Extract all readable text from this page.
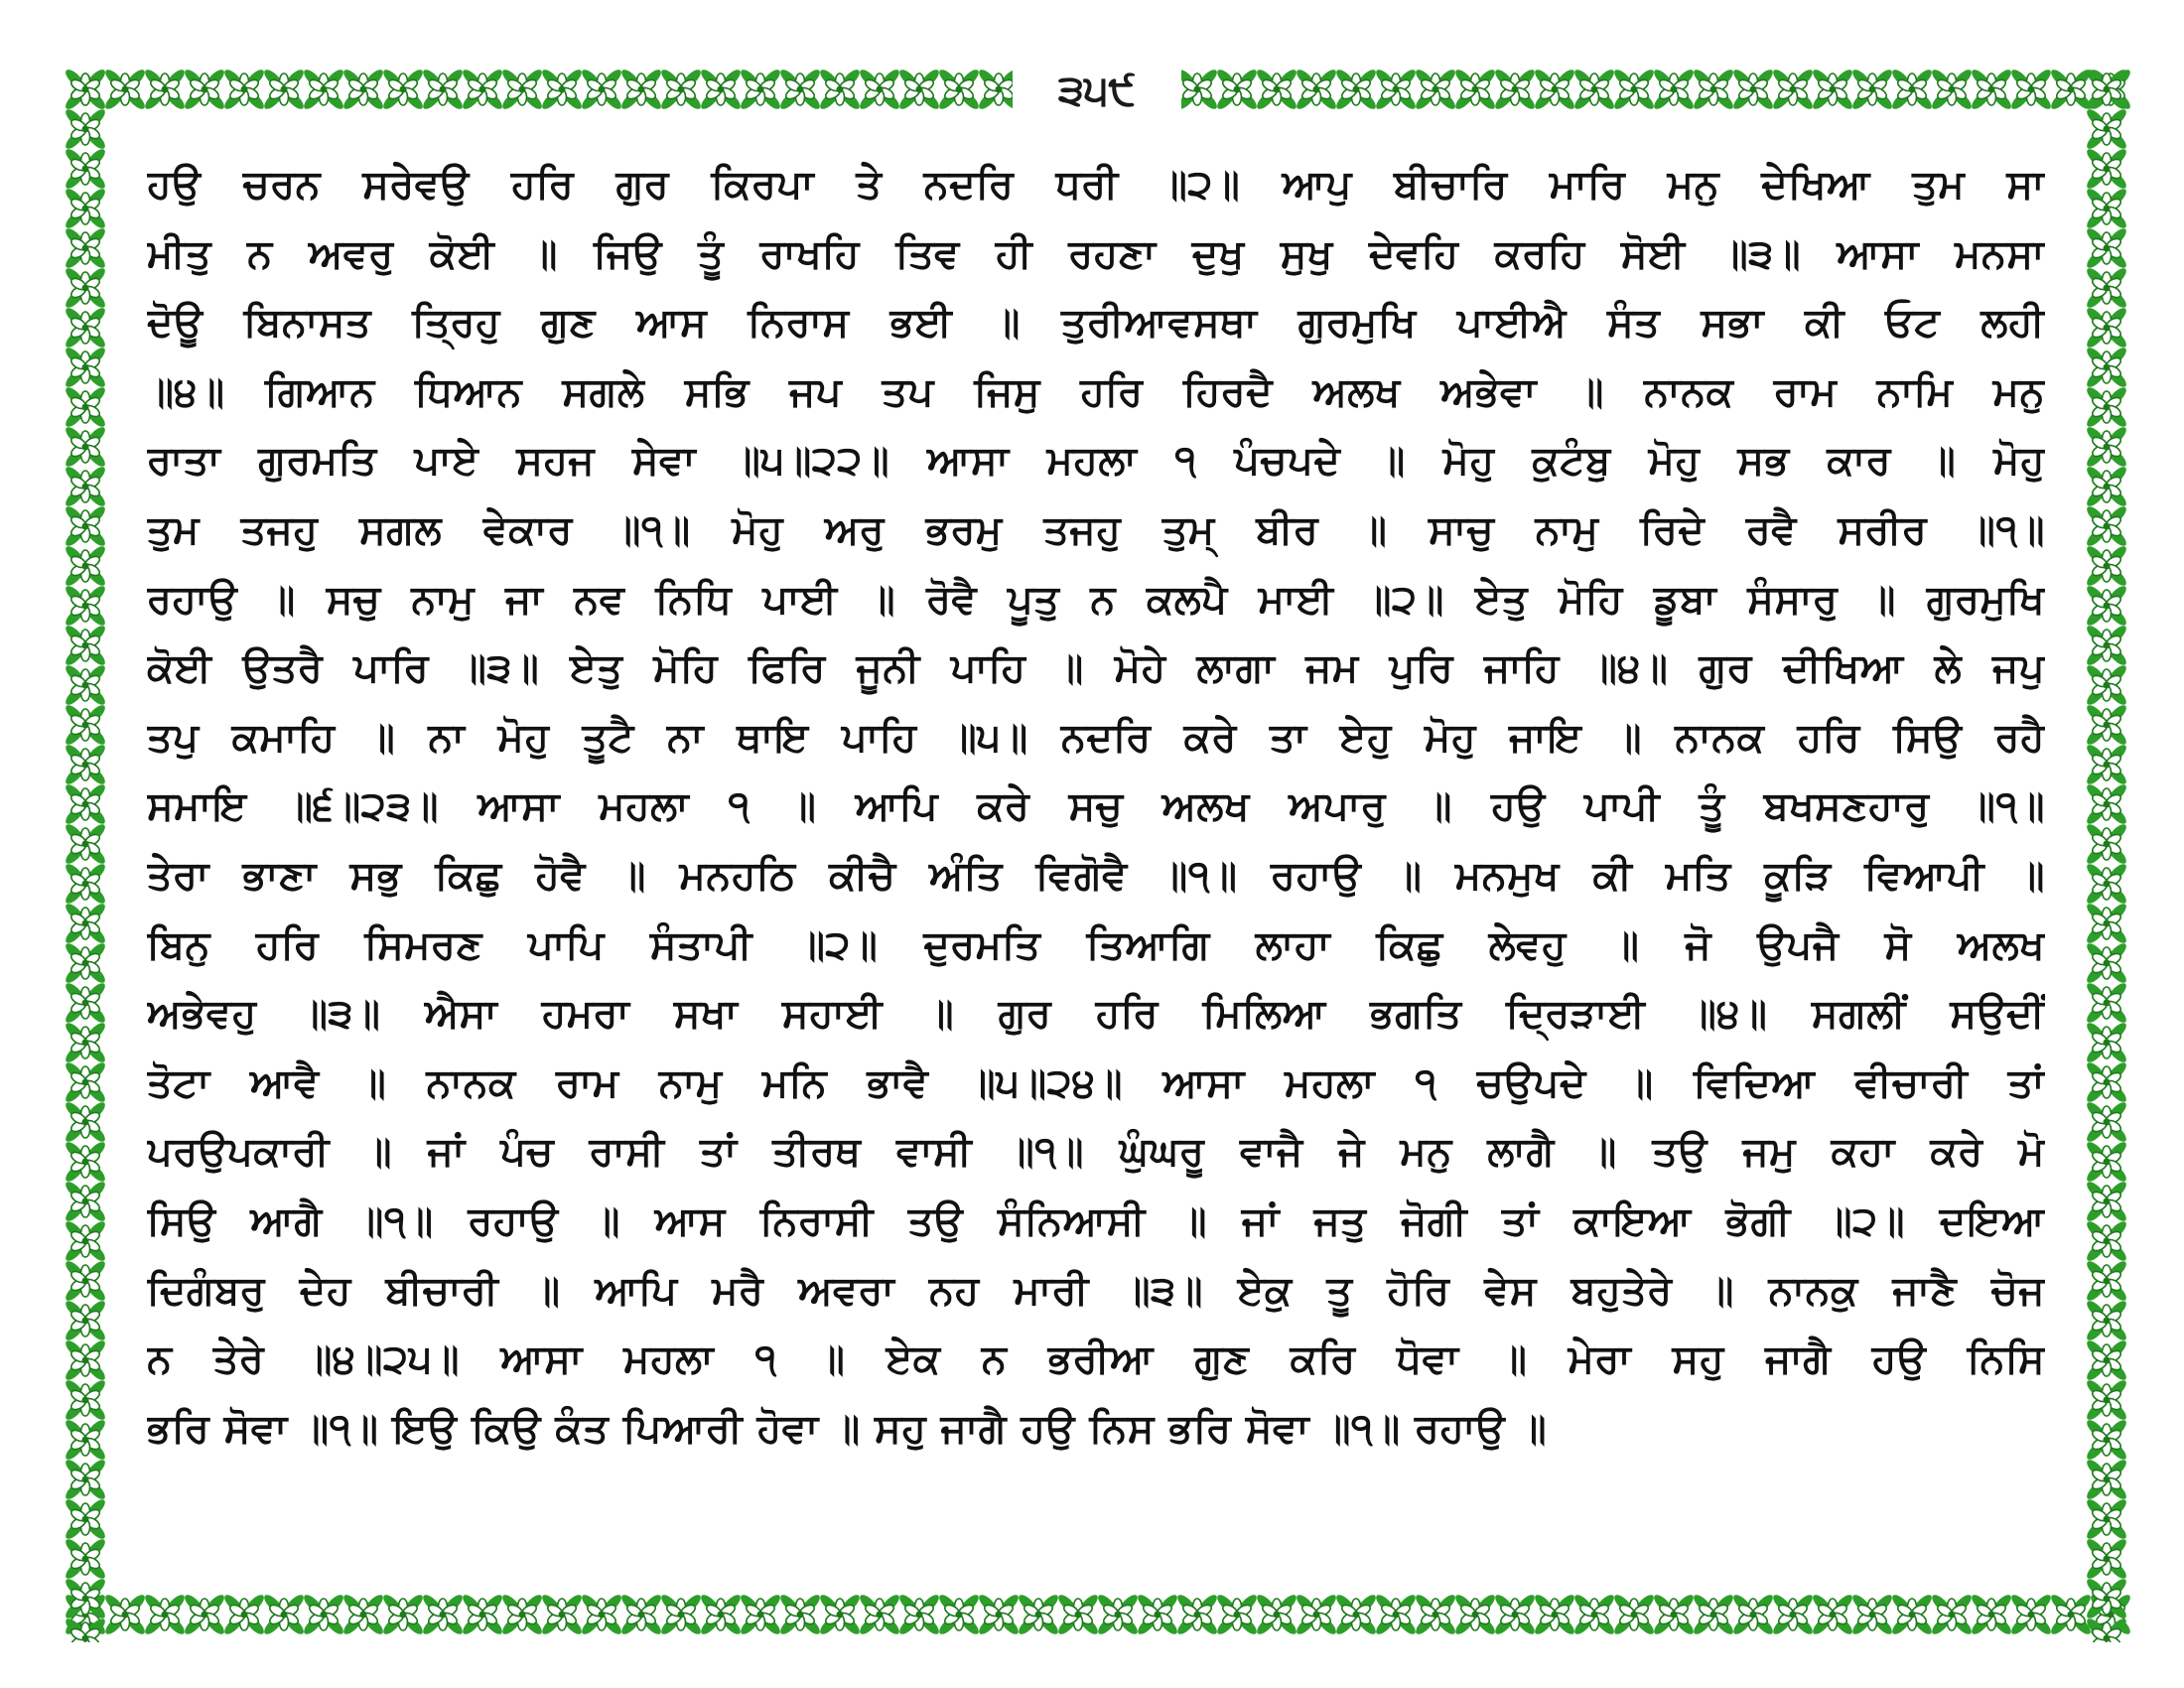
੩੫੯
ਹਉ ਚਰਨ ਸਰੇਵਉ ਹਰਿ ਗੁਰ ਕਿਰਪਾ ਤੇ ਨਦਰਿ ਧਰੀ ॥੨॥ ਆਪੁ ਬੀਚਾਰਿ ਮਾਰਿ ਮਨੁ ਦੇਖਿਆ ਤੁਮ ਸਾ
ਮੀਤੁ ਨ ਅਵਰੁ ਕੋਈ ॥ ਜਿਉ ਤੂੰ ਰਾਖਹਿ ਤਿਵ ਹੀ ਰਹਣਾ ਦੁਖੁ ਸੁਖੁ ਦੇਵਹਿ ਕਰਹਿ ਸੋਈ ॥੩॥ ਆਸਾ ਮਨਸਾ
ਦੋਊ ਬਿਨਾਸਤ ਤ੍ਰਿਹੁ ਗੁਣ ਆਸ ਨਿਰਾਸ ਭਈ ॥ ਤੁਰੀਆਵਸਥਾ ਗੁਰਮੁਖਿ ਪਾਈਐ ਸੰਤ ਸਭਾ ਕੀ ਓਟ ਲਹੀ
॥੪॥ ਗਿਆਨ ਧਿਆਨ ਸਗਲੇ ਸਭਿ ਜਪ ਤਪ ਜਿਸੁ ਹਰਿ ਹਿਰਦੈ ਅਲਖ ਅਭੇਵਾ ॥ ਨਾਨਕ ਰਾਮ ਨਾਮਿ ਮਨੁ
ਰਾਤਾ ਗੁਰਮਤਿ ਪਾਏ ਸਹਜ ਸੇਵਾ ॥੫॥੨੨॥ ਆਸਾ ਮਹਲਾ ੧ ਪੰਚਪਦੇ ॥ ਮੋਹੁ ਕੁਟੰਬੁ ਮੋਹੁ ਸਭ ਕਾਰ ॥ ਮੋਹੁ
ਤੁਮ ਤਜਹੁ ਸਗਲ ਵੇਕਾਰ ॥੧॥ ਮੋਹੁ ਅਰੁ ਭਰਮੁ ਤਜਹੁ ਤੁਮ੍ ਬੀਰ ॥ ਸਾਚੁ ਨਾਮੁ ਰਿਦੇ ਰਵੈ ਸਰੀਰ ॥੧॥
ਰਹਾਉ ॥ ਸਚੁ ਨਾਮੁ ਜਾ ਨਵ ਨਿਧਿ ਪਾਈ ॥ ਰੋਵੈ ਪੂਤੁ ਨ ਕਲਪੈ ਮਾਈ ॥੨॥ ਏਤੁ ਮੋਹਿ ਡੂਬਾ ਸੰਸਾਰੁ ॥ ਗੁਰਮੁਖਿ
ਕੋਈ ਉਤਰੈ ਪਾਰਿ ॥੩॥ ਏਤੁ ਮੋਹਿ ਫਿਰਿ ਜੂਨੀ ਪਾਹਿ ॥ ਮੋਹੇ ਲਾਗਾ ਜਮ ਪੁਰਿ ਜਾਹਿ ॥੪॥ ਗੁਰ ਦੀਖਿਆ ਲੇ ਜਪੁ
ਤਪੁ ਕਮਾਹਿ ॥ ਨਾ ਮੋਹੁ ਤੂਟੈ ਨਾ ਥਾਇ ਪਾਹਿ ॥੫॥ ਨਦਰਿ ਕਰੇ ਤਾ ਏਹੁ ਮੋਹੁ ਜਾਇ ॥ ਨਾਨਕ ਹਰਿ ਸਿਉ ਰਹੈ
ਸਮਾਇ ॥੬॥੨੩॥ ਆਸਾ ਮਹਲਾ ੧ ॥ ਆਪਿ ਕਰੇ ਸਚੁ ਅਲਖ ਅਪਾਰੁ ॥ ਹਉ ਪਾਪੀ ਤੂੰ ਬਖਸਣਹਾਰੁ ॥੧॥
ਤੇਰਾ ਭਾਣਾ ਸਭੁ ਕਿਛੁ ਹੋਵੈ ॥ ਮਨਹਠਿ ਕੀਚੈ ਅੰਤਿ ਵਿਗੋਵੈ ॥੧॥ ਰਹਾਉ ॥ ਮਨਮੁਖ ਕੀ ਮਤਿ ਕੂੜਿ ਵਿਆਪੀ ॥
ਬਿਨੁ ਹਰਿ ਸਿਮਰਣ ਪਾਪਿ ਸੰਤਾਪੀ ॥੨॥ ਦੁਰਮਤਿ ਤਿਆਗਿ ਲਾਹਾ ਕਿਛੁ ਲੇਵਹੁ ॥ ਜੋ ਉਪਜੈ ਸੋ ਅਲਖ
ਅਭੇਵਹੁ ॥੩॥ ਐਸਾ ਹਮਰਾ ਸਖਾ ਸਹਾਈ ॥ ਗੁਰ ਹਰਿ ਮਿਲਿਆ ਭਗਤਿ ਦ੍ਰਿੜਾਈ ॥੪॥ ਸਗਲੀਂ ਸਉਦੀਂ
ਤੋਟਾ ਆਵੈ ॥ ਨਾਨਕ ਰਾਮ ਨਾਮੁ ਮਨਿ ਭਾਵੈ ॥੫॥੨੪॥ ਆਸਾ ਮਹਲਾ ੧ ਚਉਪਦੇ ॥ ਵਿਦਿਆ ਵੀਚਾਰੀ ਤਾਂ
ਪਰਉਪਕਾਰੀ ॥ ਜਾਂ ਪੰਚ ਰਾਸੀ ਤਾਂ ਤੀਰਥ ਵਾਸੀ ॥੧॥ ਘੁੰਘਰੂ ਵਾਜੈ ਜੇ ਮਨੁ ਲਾਗੈ ॥ ਤਉ ਜਮੁ ਕਹਾ ਕਰੇ ਮੋ
ਸਿਉ ਆਗੈ ॥੧॥ ਰਹਾਉ ॥ ਆਸ ਨਿਰਾਸੀ ਤਉ ਸੰਨਿਆਸੀ ॥ ਜਾਂ ਜਤੁ ਜੋਗੀ ਤਾਂ ਕਾਇਆ ਭੋਗੀ ॥੨॥ ਦਇਆ
ਦਿਗੰਬਰੁ ਦੇਹ ਬੀਚਾਰੀ ॥ ਆਪਿ ਮਰੈ ਅਵਰਾ ਨਹ ਮਾਰੀ ॥੩॥ ਏਕੁ ਤੂ ਹੋਰਿ ਵੇਸ ਬਹੁਤੇਰੇ ॥ ਨਾਨਕੁ ਜਾਣੈ ਚੋਜ
ਨ ਤੇਰੇ ॥੪॥੨੫॥ ਆਸਾ ਮਹਲਾ ੧ ॥ ਏਕ ਨ ਭਰੀਆ ਗੁਣ ਕਰਿ ਧੋਵਾ ॥ ਮੇਰਾ ਸਹੁ ਜਾਗੈ ਹਉ ਨਿਸਿ
ਭਰਿ ਸੋਵਾ ॥੧॥ ਇਉ ਕਿਉ ਕੰਤ ਪਿਆਰੀ ਹੋਵਾ ॥ ਸਹੁ ਜਾਗੈ ਹਉ ਨਿਸ ਭਰਿ ਸੋਵਾ ॥੧॥ ਰਹਾਉ ॥
